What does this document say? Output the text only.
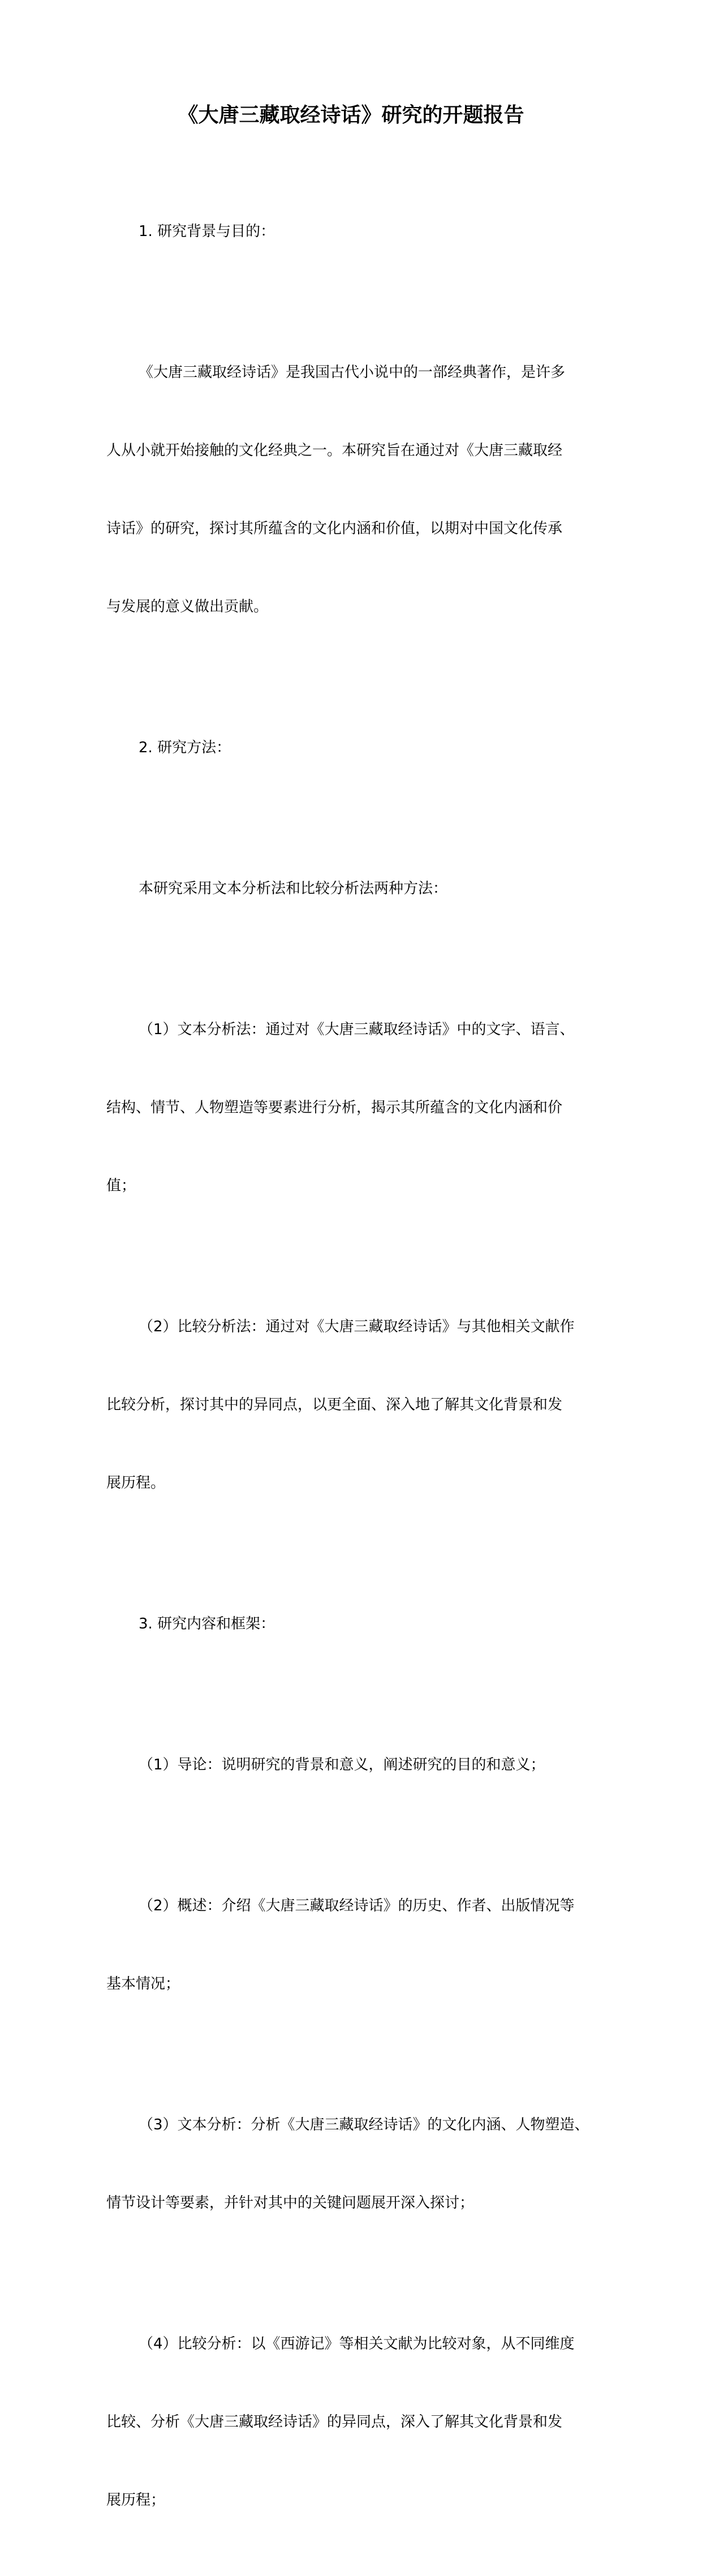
《大唐三藏取经诗话》研究的开题报告

1. 研究背景与目的：

《大唐三藏取经诗话》是我国古代小说中的一部经典著作，是许多

人从小就开始接触的文化经典之一。本研究旨在通过对《大唐三藏取经

诗话》的研究，探讨其所蕴含的文化内涵和价值，以期对中国文化传承

与发展的意义做出贡献。

2. 研究方法：

本研究采用文本分析法和比较分析法两种方法：

（1）文本分析法：通过对《大唐三藏取经诗话》中的文字、语言、

结构、情节、人物塑造等要素进行分析，揭示其所蕴含的文化内涵和价

值；

（2）比较分析法：通过对《大唐三藏取经诗话》与其他相关文献作

比较分析，探讨其中的异同点，以更全面、深入地了解其文化背景和发

展历程。

3. 研究内容和框架：

（1）导论：说明研究的背景和意义，阐述研究的目的和意义；

（2）概述：介绍《大唐三藏取经诗话》的历史、作者、出版情况等

基本情况；

（3）文本分析：分析《大唐三藏取经诗话》的文化内涵、人物塑造、

情节设计等要素，并针对其中的关键问题展开深入探讨；

（4）比较分析：以《西游记》等相关文献为比较对象，从不同维度

比较、分析《大唐三藏取经诗话》的异同点，深入了解其文化背景和发

展历程；
